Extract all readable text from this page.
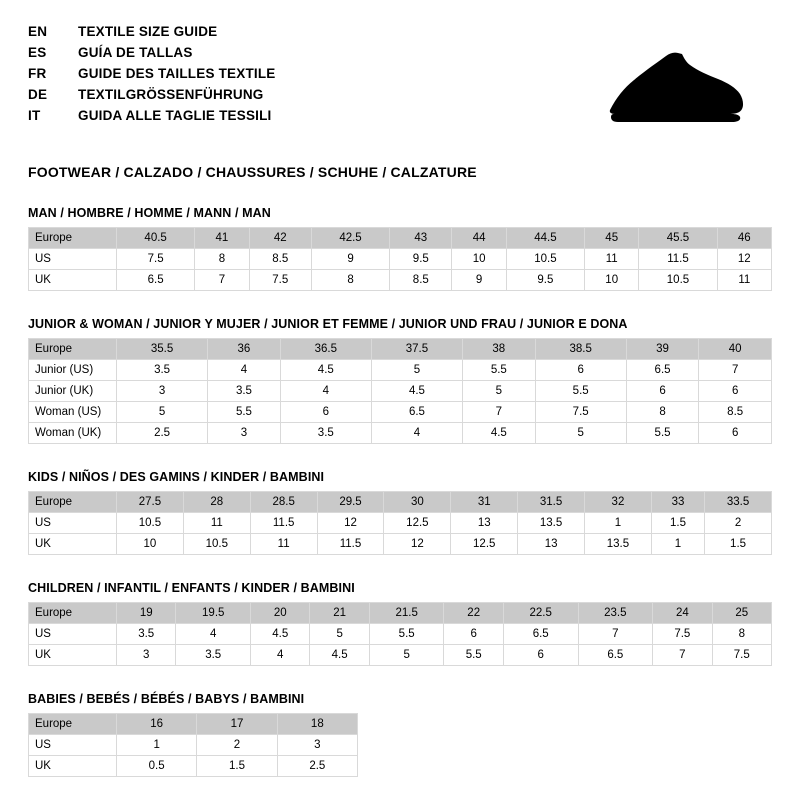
EN	TEXTILE SIZE GUIDE
ES	GUÍA DE TALLAS
FR	GUIDE DES TAILLES TEXTILE
DE	TEXTILGRÖSSENFÜHRUNG
IT	GUIDA ALLE TAGLIE TESSILI
FOOTWEAR / CALZADO / CHAUSSURES / SCHUHE / CALZATURE
MAN / HOMBRE / HOMME / MANN / MAN
Europe	40.5	41	42	42.5	43	44	44.5	45	45.5	46
US	7.5	8	8.5	9	9.5	10	10.5	11	11.5	12
UK	6.5	7	7.5	8	8.5	9	9.5	10	10.5	11
JUNIOR & WOMAN / JUNIOR Y MUJER / JUNIOR ET FEMME / JUNIOR UND FRAU / JUNIOR E DONA
Europe	35.5	36	36.5	37.5	38	38.5	39	40
Junior (US)	3.5	4	4.5	5	5.5	6	6.5	7
Junior (UK)	3	3.5	4	4.5	5	5.5	6	6
Woman (US)	5	5.5	6	6.5	7	7.5	8	8.5
Woman (UK)	2.5	3	3.5	4	4.5	5	5.5	6
KIDS / NIÑOS / DES GAMINS / KINDER / BAMBINI
Europe	27.5	28	28.5	29.5	30	31	31.5	32	33	33.5
US	10.5	11	11.5	12	12.5	13	13.5	1	1.5	2
UK	10	10.5	11	11.5	12	12.5	13	13.5	1	1.5
CHILDREN / INFANTIL / ENFANTS / KINDER / BAMBINI
Europe	19	19.5	20	21	21.5	22	22.5	23.5	24	25
US	3.5	4	4.5	5	5.5	6	6.5	7	7.5	8
UK	3	3.5	4	4.5	5	5.5	6	6.5	7	7.5
BABIES / BEBÉS / BÉBÉS / BABYS / BAMBINI
Europe	16	17	18
US	1	2	3
UK	0.5	1.5	2.5
